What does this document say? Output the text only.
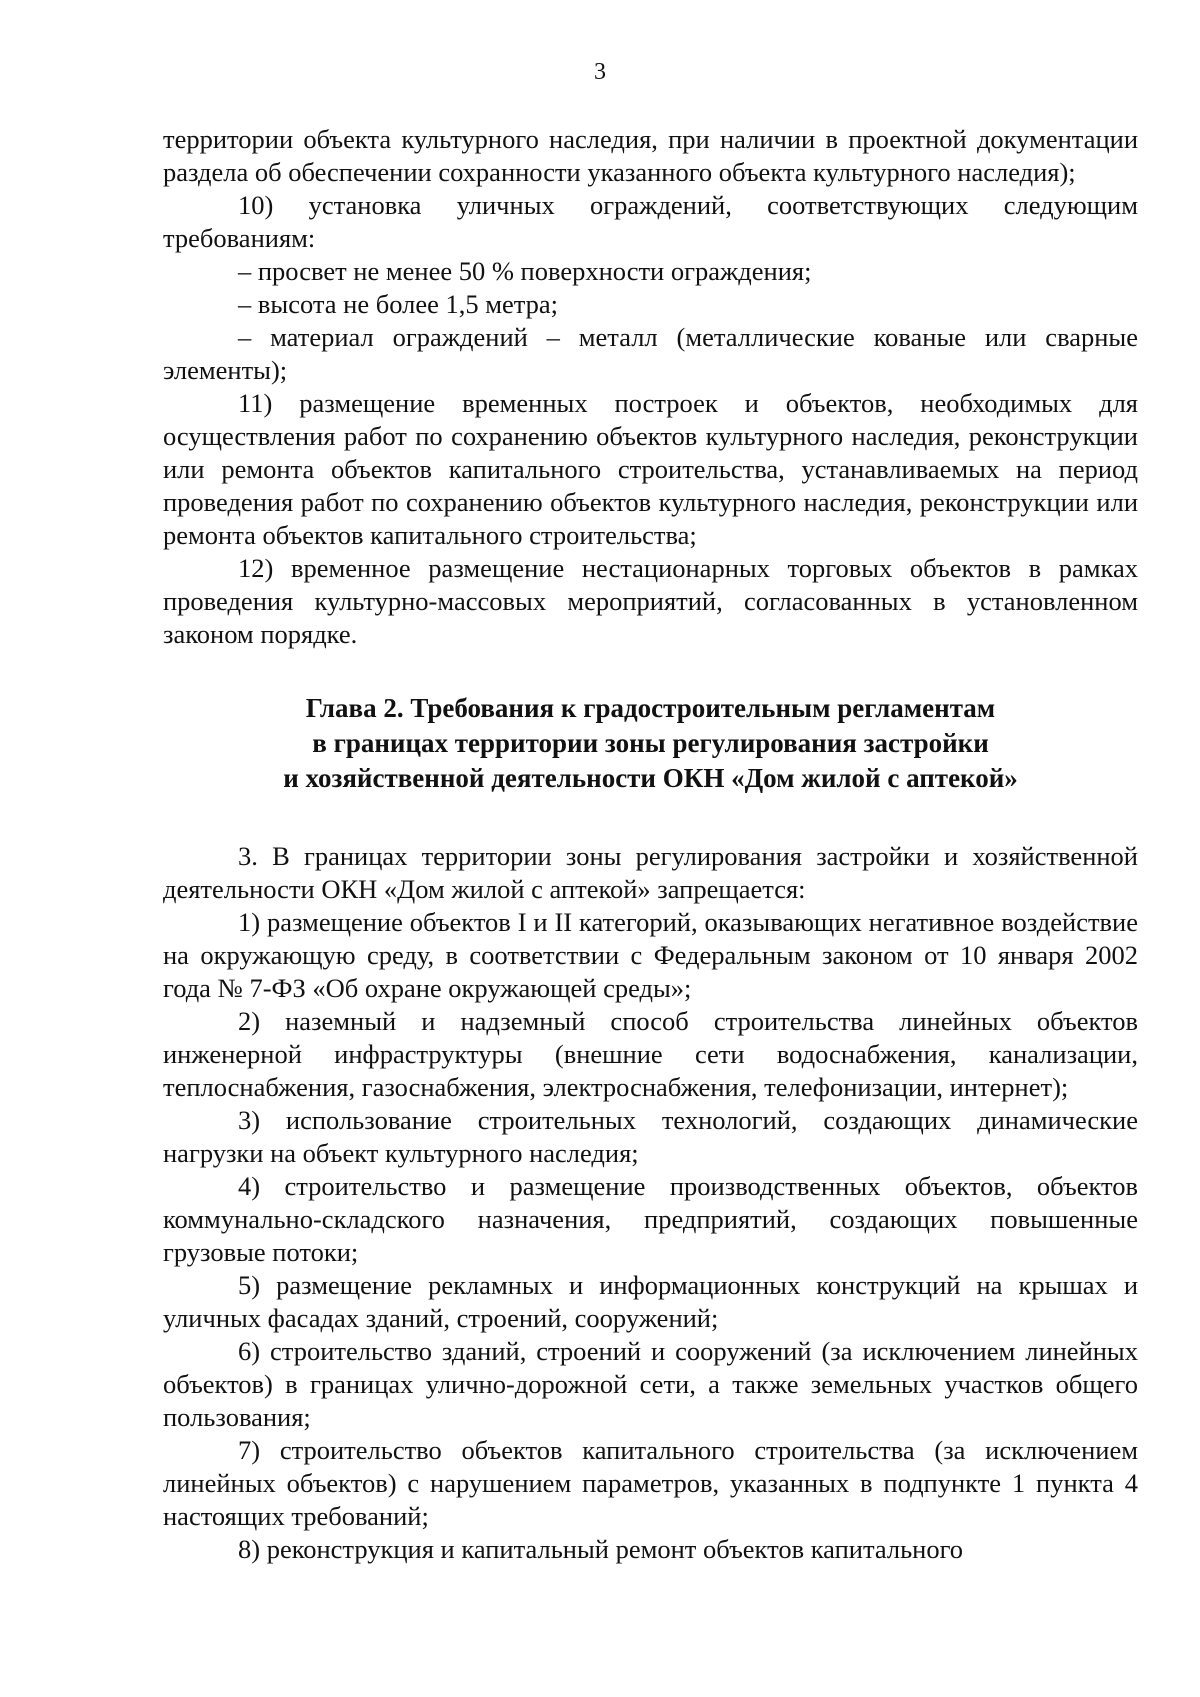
3

территории объекта культурного наследия, при наличии в проектной документации раздела об обеспечении сохранности указанного объекта культурного наследия);

10) установка уличных ограждений, соответствующих следующим требованиям:

– просвет не менее 50 % поверхности ограждения;

– высота не более 1,5 метра;

– материал ограждений – металл (металлические кованые или сварные элементы);

11) размещение временных построек и объектов, необходимых для осуществления работ по сохранению объектов культурного наследия, реконструкции или ремонта объектов капитального строительства, устанавливаемых на период проведения работ по сохранению объектов культурного наследия, реконструкции или ремонта объектов капитального строительства;

12) временное размещение нестационарных торговых объектов в рамках проведения культурно-массовых мероприятий, согласованных в установленном законом порядке.

Глава 2. Требования к градостроительным регламентам
в границах территории зоны регулирования застройки
и хозяйственной деятельности ОКН «Дом жилой с аптекой»

3. В границах территории зоны регулирования застройки и хозяйственной деятельности ОКН «Дом жилой с аптекой» запрещается:

1) размещение объектов I и II категорий, оказывающих негативное воздействие на окружающую среду, в соответствии с Федеральным законом от 10 января 2002 года № 7-ФЗ «Об охране окружающей среды»;

2) наземный и надземный способ строительства линейных объектов инженерной инфраструктуры (внешние сети водоснабжения, канализации, теплоснабжения, газоснабжения, электроснабжения, телефонизации, интернет);

3) использование строительных технологий, создающих динамические нагрузки на объект культурного наследия;

4) строительство и размещение производственных объектов, объектов коммунально-складского назначения, предприятий, создающих повышенные грузовые потоки;

5) размещение рекламных и информационных конструкций на крышах и уличных фасадах зданий, строений, сооружений;

6) строительство зданий, строений и сооружений (за исключением линейных объектов) в границах улично-дорожной сети, а также земельных участков общего пользования;

7) строительство объектов капитального строительства (за исключением линейных объектов) с нарушением параметров, указанных в подпункте 1 пункта 4 настоящих требований;

8) реконструкция и капитальный ремонт объектов капитального
